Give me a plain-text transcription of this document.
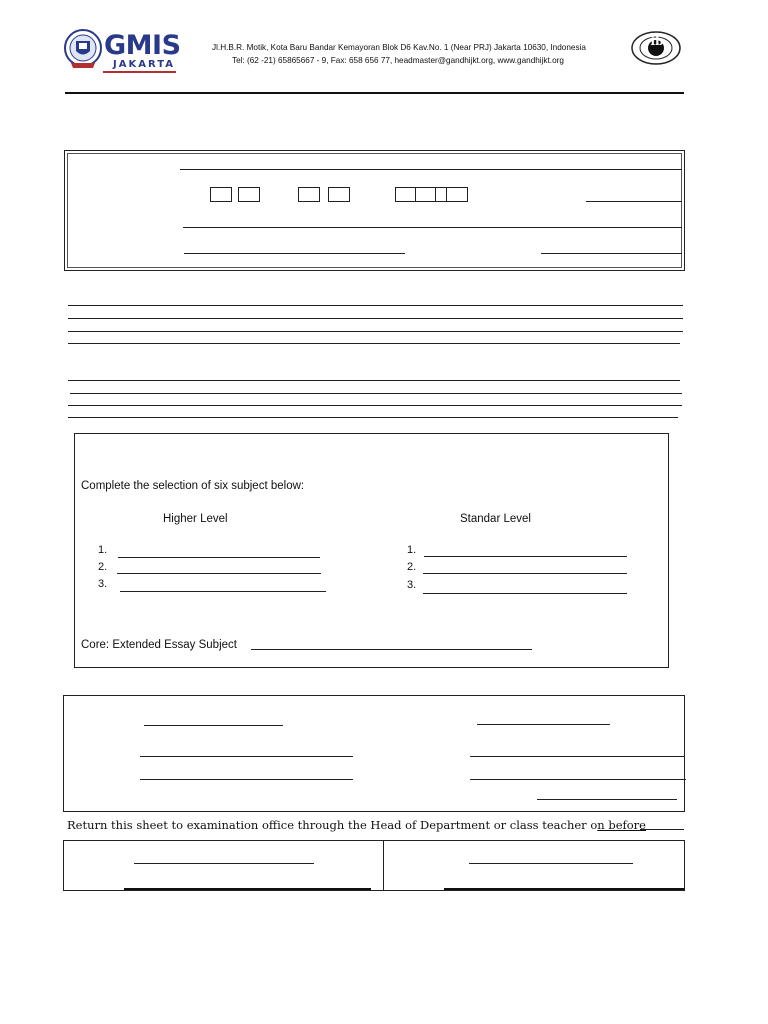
GMIS
JAKARTA
Jl.H.B.R. Motik, Kota Baru Bandar Kemayoran Blok D6 Kav.No. 1 (Near PRJ) Jakarta 10630, Indonesia
Tel: (62 -21) 65865667 - 9, Fax: 658 656 77, headmaster@gandhijkt.org, www.gandhijkt.org
ib
Complete the selection of six subject below:
Higher Level	Standar Level
1.
2.
3.
1.
2.
3.
Core: Extended Essay Subject
Return this sheet to examination office through the Head of Department or class teacher on before
